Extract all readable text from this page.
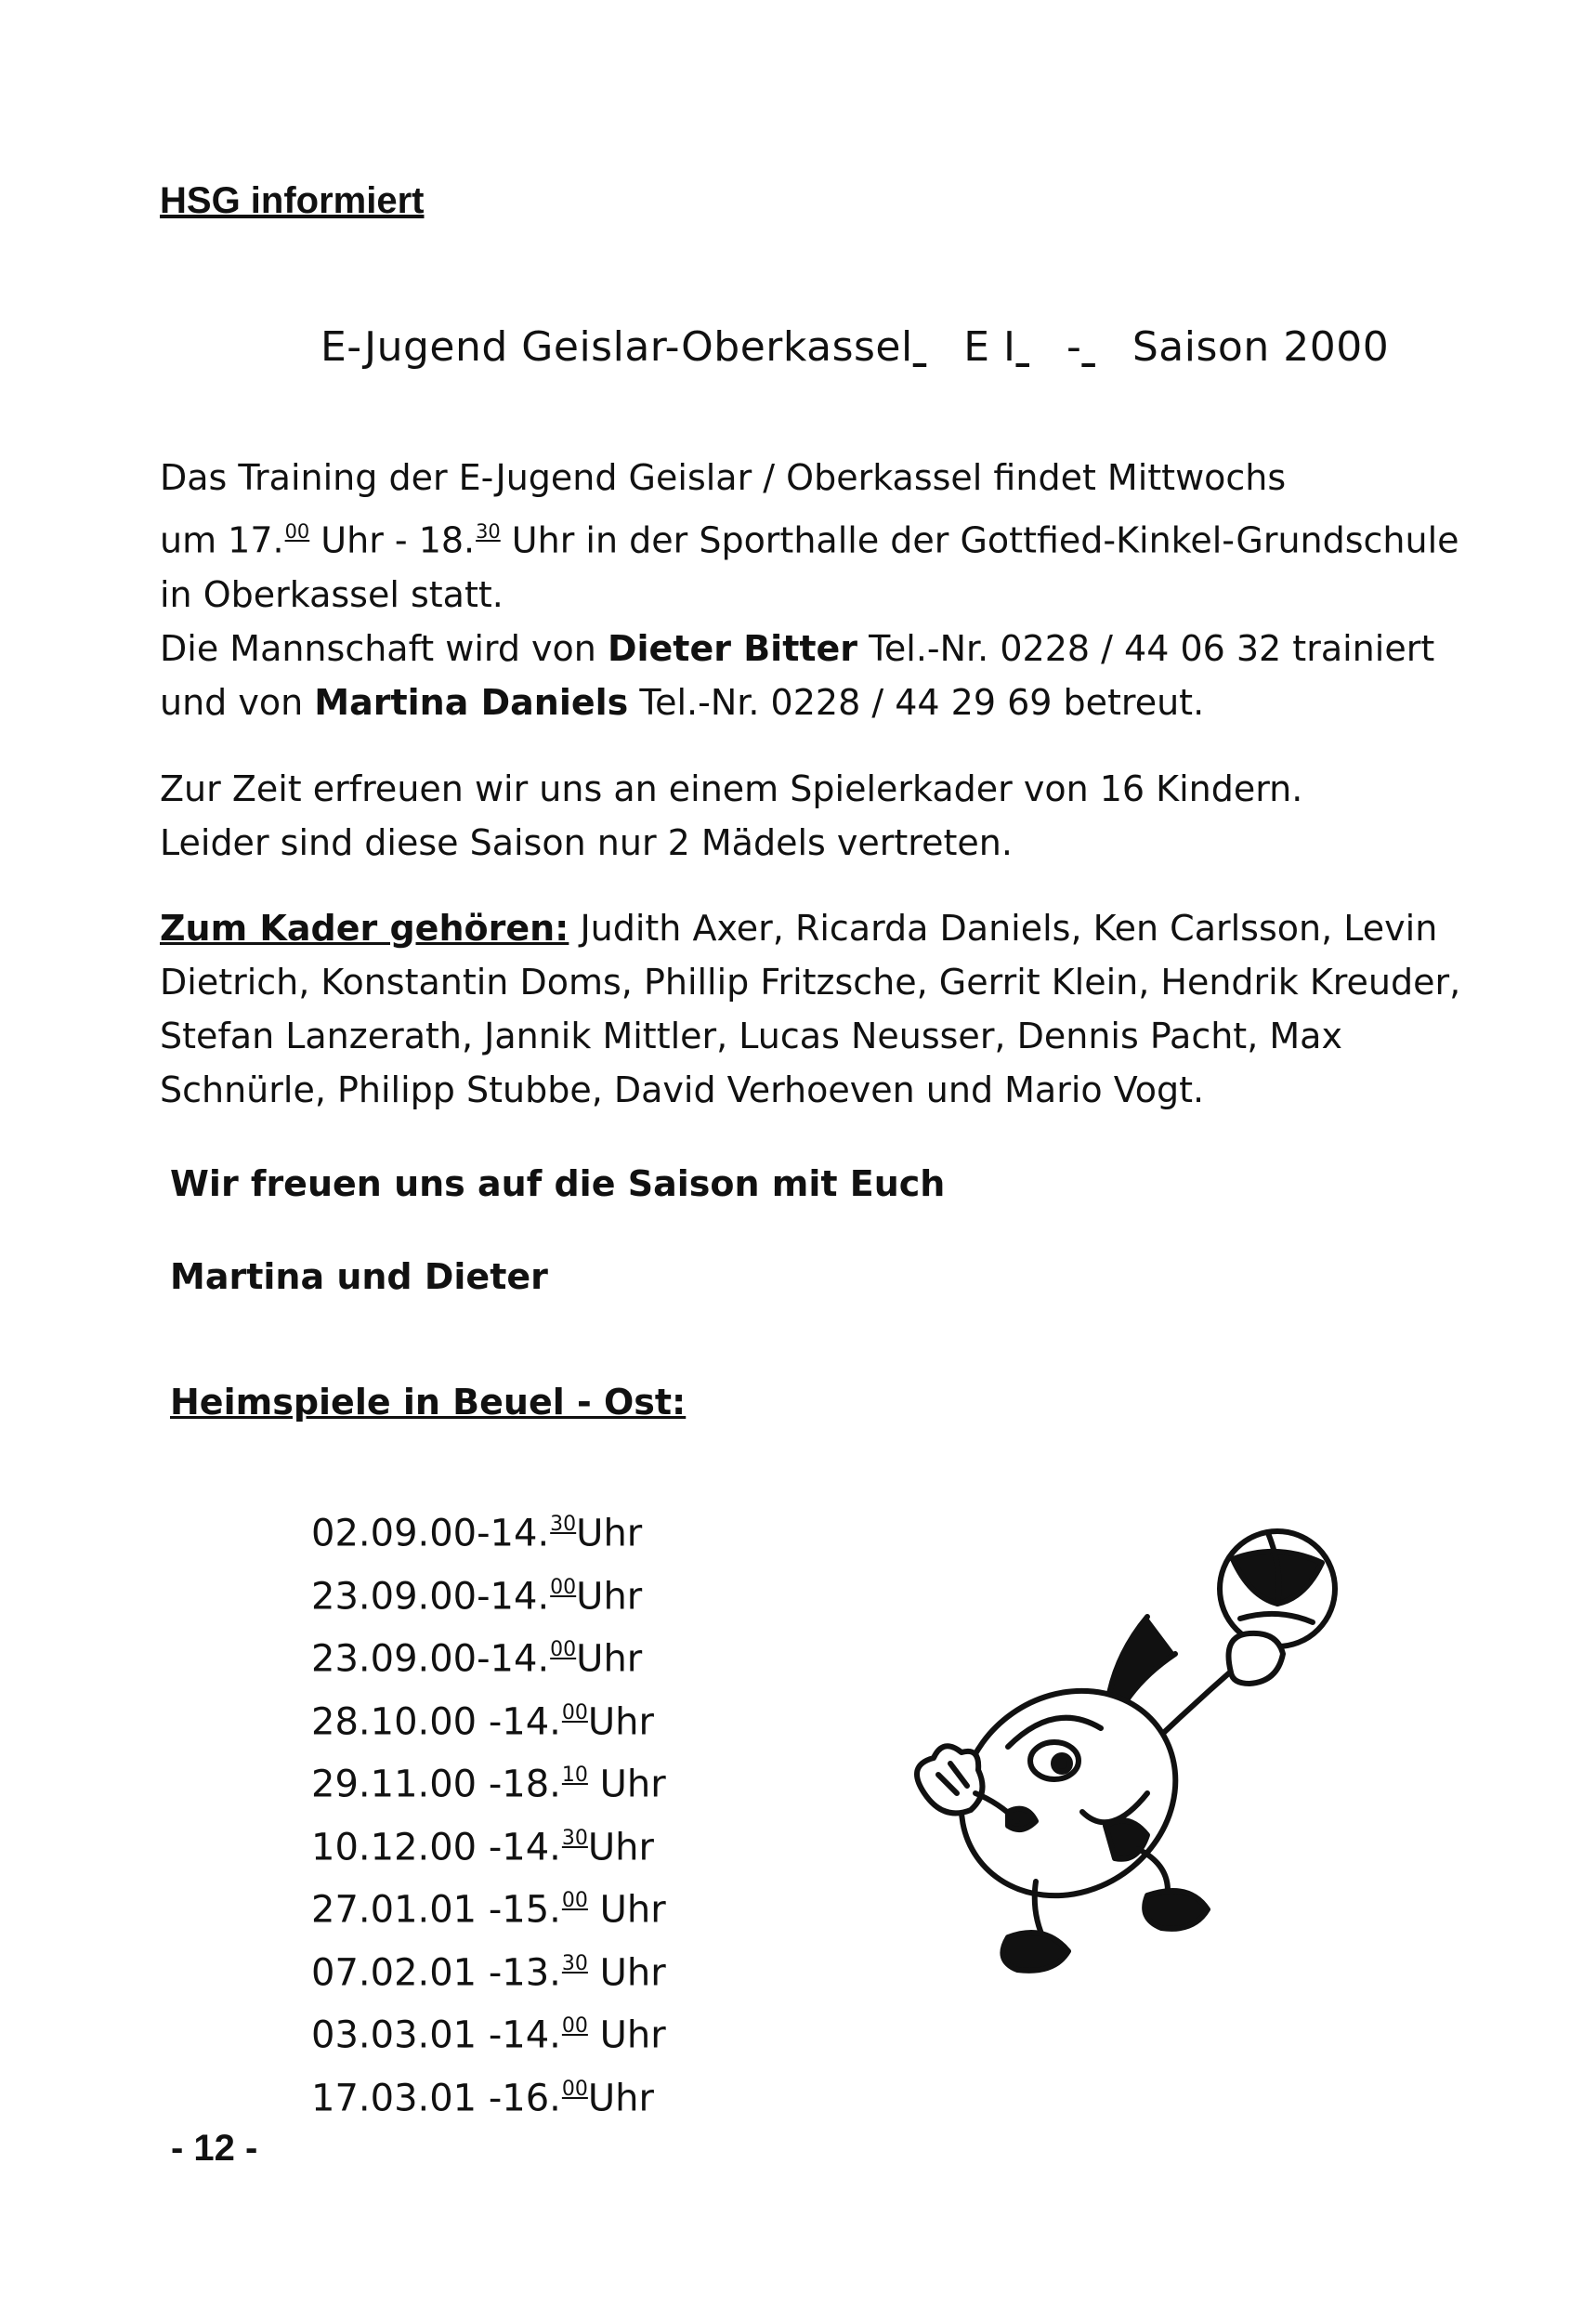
HSG informiert
E-Jugend Geislar-Oberkassel E I - Saison 2000
Das Training der E-Jugend Geislar / Oberkassel findet Mittwochs
um 17.00 Uhr - 18.30 Uhr in der Sporthalle der Gottfied-Kinkel-Grundschule
in Oberkassel statt.
Die Mannschaft wird von Dieter Bitter Tel.-Nr. 0228 / 44 06 32 trainiert
und von Martina Daniels Tel.-Nr. 0228 / 44 29 69 betreut.
Zur Zeit erfreuen wir uns an einem Spielerkader von 16 Kindern.
Leider sind diese Saison nur 2 Mädels vertreten.
Zum Kader gehören: Judith Axer, Ricarda Daniels, Ken Carlsson, Levin
Dietrich, Konstantin Doms, Phillip Fritzsche, Gerrit Klein, Hendrik Kreuder,
Stefan Lanzerath, Jannik Mittler, Lucas Neusser, Dennis Pacht, Max
Schnürle, Philipp Stubbe, David Verhoeven und Mario Vogt.
Wir freuen uns auf die Saison mit Euch
Martina und Dieter
Heimspiele in Beuel - Ost:
02.09.00-14.30Uhr
23.09.00-14.00Uhr
23.09.00-14.00Uhr
28.10.00 -14.00Uhr
29.11.00 -18.10 Uhr
10.12.00 -14.30Uhr
27.01.01 -15.00 Uhr
07.02.01 -13.30 Uhr
03.03.01 -14.00 Uhr
17.03.01 -16.00Uhr
- 12 -
